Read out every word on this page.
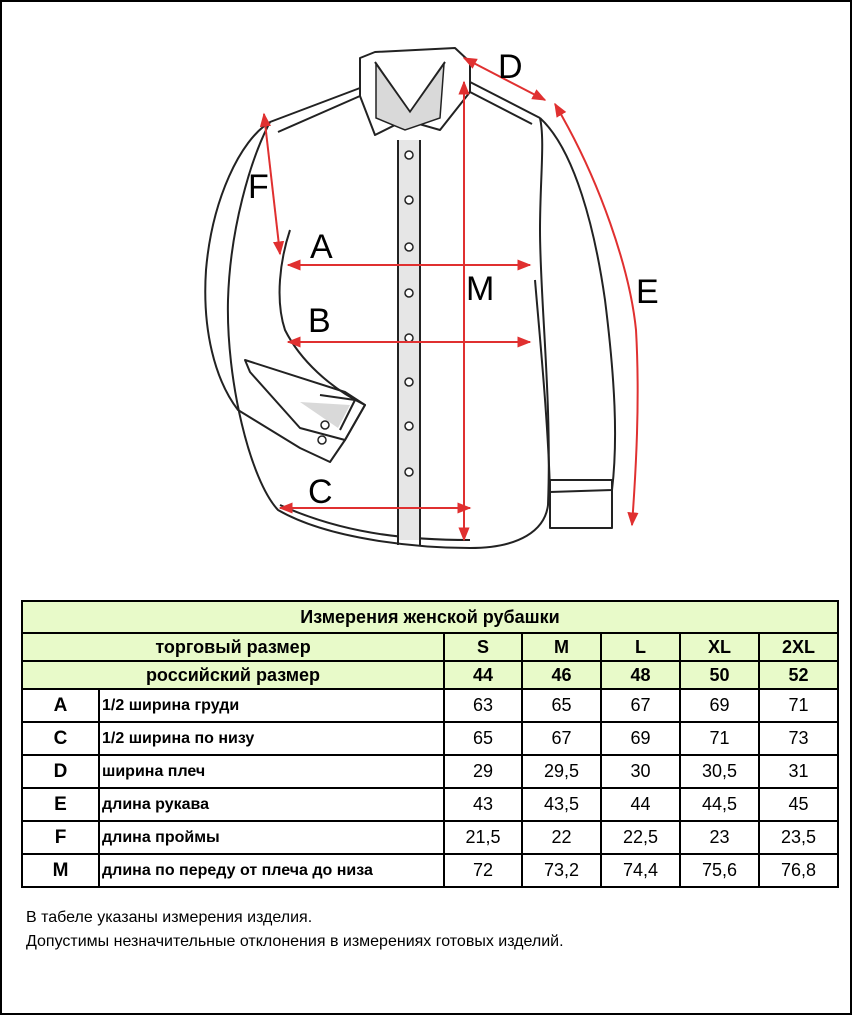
A
B
C
D
E
F
M
Измерения женской рубашки						
торговый размер		S	M	L	XL	2XL
российский размер		44	46	48	50	52
A	1/2 ширина груди	63	65	67	69	71
C	1/2 ширина по низу	65	67	69	71	73
D	ширина плеч	29	29,5	30	30,5	31
E	длина рукава	43	43,5	44	44,5	45
F	длина проймы	21,5	22	22,5	23	23,5
M	длина по переду от плеча до низа	72	73,2	74,4	75,6	76,8
В табеле указаны измерения изделия.
Допустимы незначительные отклонения в измерениях готовых изделий.
